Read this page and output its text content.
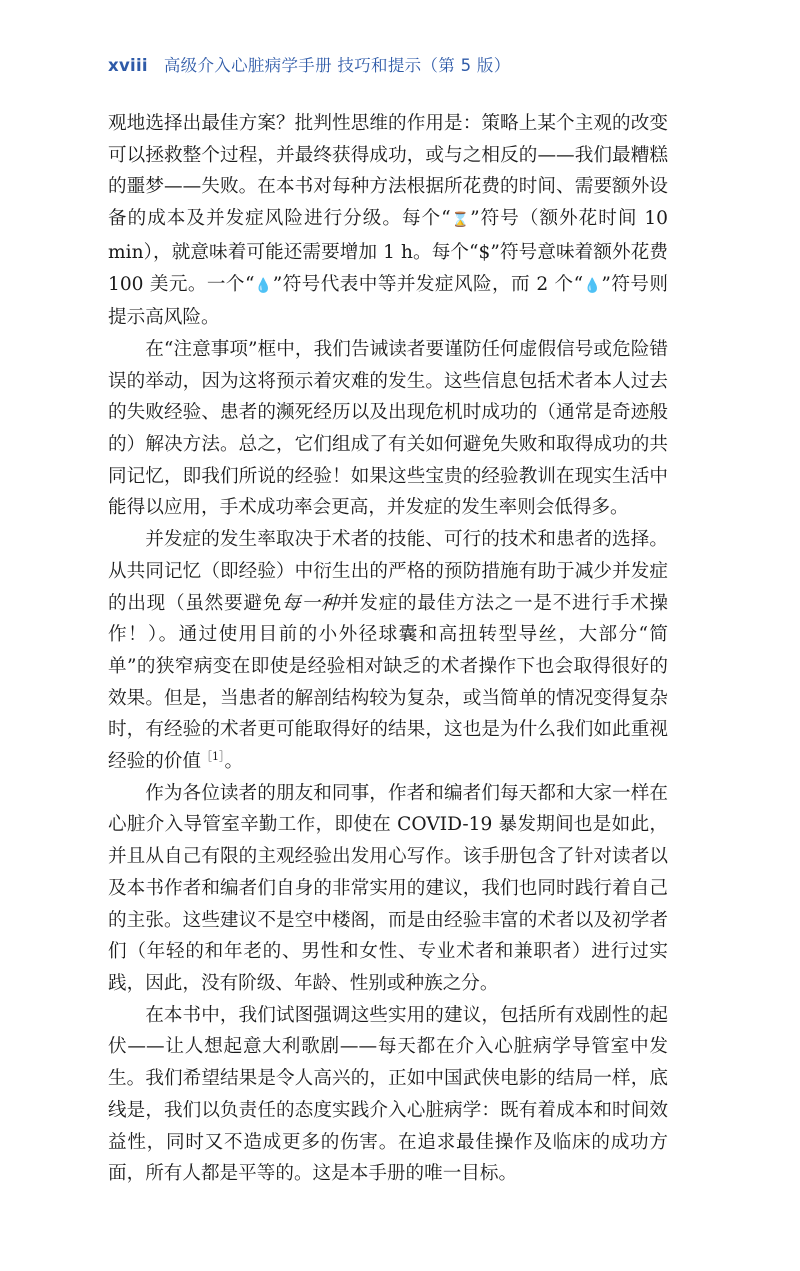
xviii 高级介入心脏病学手册 技巧和提示（第 5 版）

观地选择出最佳方案？批判性思维的作用是：策略上某个主观的改变可以拯救整个过程，并最终获得成功，或与之相反的——我们最糟糕的噩梦——失败。在本书对每种方法根据所花费的时间、需要额外设备的成本及并发症风险进行分级。每个“⌛”符号（额外花时间 10 min），就意味着可能还需要增加 1 h。每个“$”符号意味着额外花费 100 美元。一个“💧”符号代表中等并发症风险，而 2 个“💧”符号则提示高风险。

在“注意事项”框中，我们告诫读者要谨防任何虚假信号或危险错误的举动，因为这将预示着灾难的发生。这些信息包括术者本人过去的失败经验、患者的濒死经历以及出现危机时成功的（通常是奇迹般的）解决方法。总之，它们组成了有关如何避免失败和取得成功的共同记忆，即我们所说的经验！如果这些宝贵的经验教训在现实生活中能得以应用，手术成功率会更高，并发症的发生率则会低得多。

并发症的发生率取决于术者的技能、可行的技术和患者的选择。从共同记忆（即经验）中衍生出的严格的预防措施有助于减少并发症的出现（虽然要避免每一种并发症的最佳方法之一是不进行手术操作！）。通过使用目前的小外径球囊和高扭转型导丝，大部分“简单”的狭窄病变在即使是经验相对缺乏的术者操作下也会取得很好的效果。但是，当患者的解剖结构较为复杂，或当简单的情况变得复杂时，有经验的术者更可能取得好的结果，这也是为什么我们如此重视经验的价值$^{[1]}$。

作为各位读者的朋友和同事，作者和编者们每天都和大家一样在心脏介入导管室辛勤工作，即使在 COVID-19 暴发期间也是如此，并且从自己有限的主观经验出发用心写作。该手册包含了针对读者以及本书作者和编者们自身的非常实用的建议，我们也同时践行着自己的主张。这些建议不是空中楼阁，而是由经验丰富的术者以及初学者们（年轻的和年老的、男性和女性、专业术者和兼职者）进行过实践，因此，没有阶级、年龄、性别或种族之分。

在本书中，我们试图强调这些实用的建议，包括所有戏剧性的起伏——让人想起意大利歌剧——每天都在介入心脏病学导管室中发生。我们希望结果是令人高兴的，正如中国武侠电影的结局一样，底线是，我们以负责任的态度实践介入心脏病学：既有着成本和时间效益性，同时又不造成更多的伤害。在追求最佳操作及临床的成功方面，所有人都是平等的。这是本手册的唯一目标。
